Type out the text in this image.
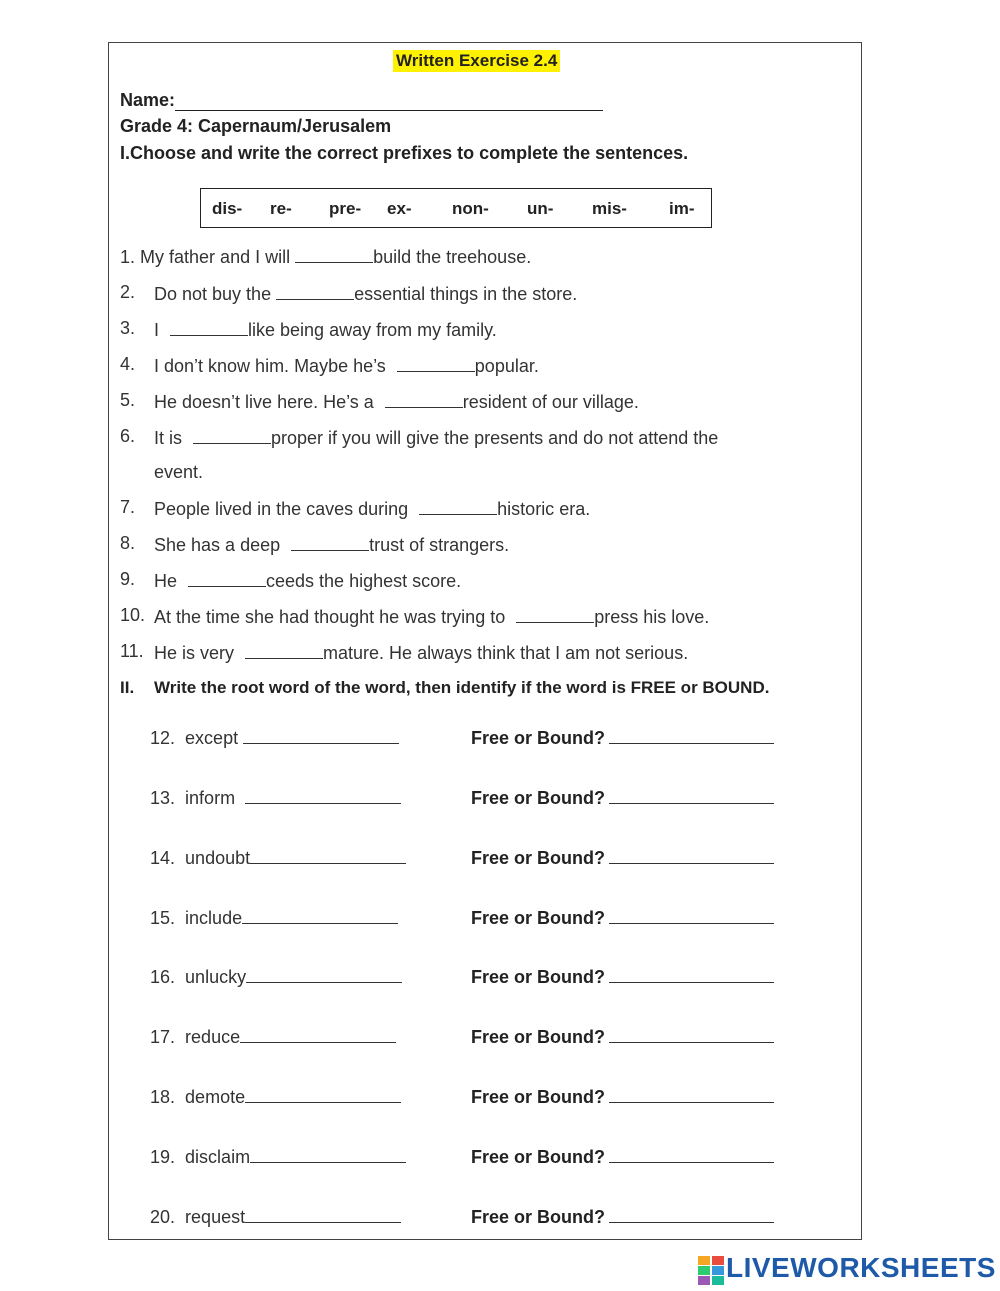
Written Exercise 2.4
Name:
Grade 4: Capernaum/Jerusalem
I.Choose and write the correct prefixes to complete the sentences.
dis- re- pre- ex- non- un- mis- im-
1. My father and I will	build the treehouse.
2. Do not buy the	essential things in the store.
3. I	like being away from my family.
4. I don’t know him. Maybe he’s	popular.
5. He doesn’t live here. He’s a	resident of our village.
6. It is	proper if you will give the presents and do not attend the
event.
7. People lived in the caves during	historic era.
8. She has a deep	trust of strangers.
9. He	ceeds the highest score.
10. At the time she had thought he was trying to	press his love.
11. He is very	mature. He always think that I am not serious.
II. Write the root word of the word, then identify if the word is FREE or BOUND.
12. except	Free or Bound?
13. inform	Free or Bound?
14. undoubt	Free or Bound?
15. include	Free or Bound?
16. unlucky	Free or Bound?
17. reduce	Free or Bound?
18. demote	Free or Bound?
19. disclaim	Free or Bound?
20. request	Free or Bound?
LIVEWORKSHEETS
